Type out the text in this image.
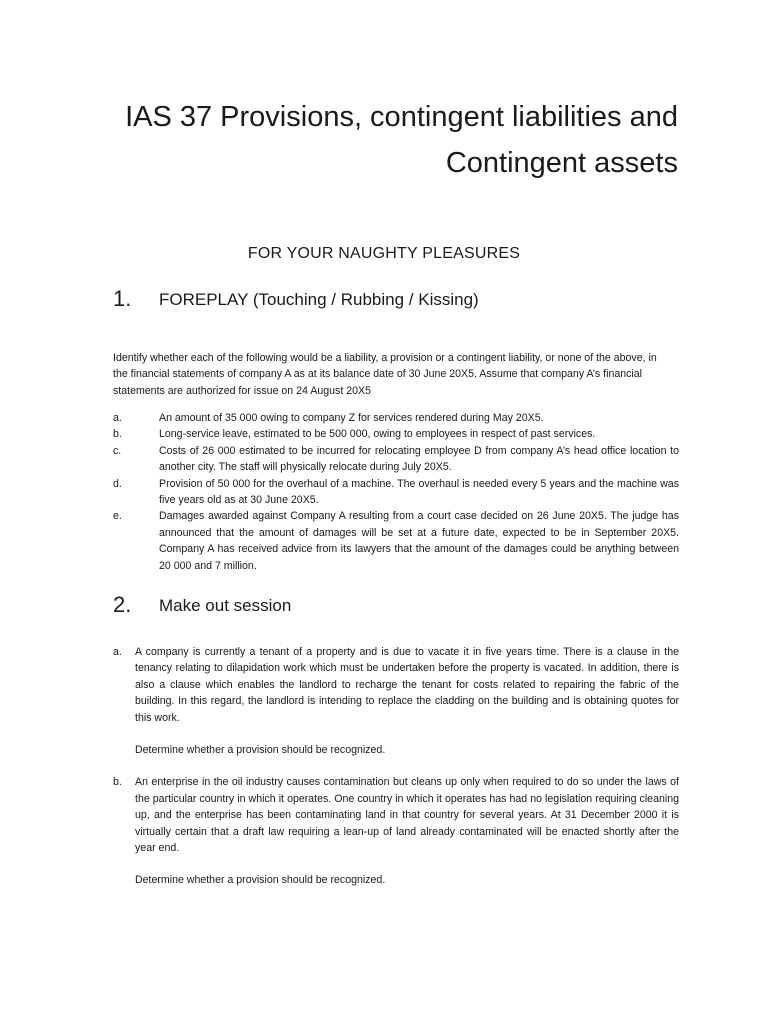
IAS 37 Provisions, contingent liabilities and
Contingent assets
FOR YOUR NAUGHTY PLEASURES
1. FOREPLAY (Touching / Rubbing / Kissing)

Identify whether each of the following would be a liability, a provision or a contingent liability, or none of the above, in the financial statements of company A as at its balance date of 30 June 20X5. Assume that company A’s financial statements are authorized for issue on 24 August 20X5

a.	An amount of 35 000 owing to company Z for services rendered during May 20X5.
b.	Long-service leave, estimated to be 500 000, owing to employees in respect of past services.
c.	Costs of 26 000 estimated to be incurred for relocating employee D from company A’s head office location to another city. The staff will physically relocate during July 20X5.
d.	Provision of 50 000 for the overhaul of a machine. The overhaul is needed every 5 years and the machine was five years old as at 30 June 20X5.
e.	Damages awarded against Company A resulting from a court case decided on 26 June 20X5. The judge has announced that the amount of damages will be set at a future date, expected to be in September 20X5. Company A has received advice from its lawyers that the amount of the damages could be anything between 20 000 and 7 million.
2. Make out session
a. A company is currently a tenant of a property and is due to vacate it in five years time. There is a clause in the tenancy relating to dilapidation work which must be undertaken before the property is vacated. In addition, there is also a clause which enables the landlord to recharge the tenant for costs related to repairing the fabric of the building. In this regard, the landlord is intending to replace the cladding on the building and is obtaining quotes for this work.
Determine whether a provision should be recognized.
b. An enterprise in the oil industry causes contamination but cleans up only when required to do so under the laws of the particular country in which it operates. One country in which it operates has had no legislation requiring cleaning up, and the enterprise has been contaminating land in that country for several years. At 31 December 2000 it is virtually certain that a draft law requiring a lean-up of land already contaminated will be enacted shortly after the year end.
Determine whether a provision should be recognized.
